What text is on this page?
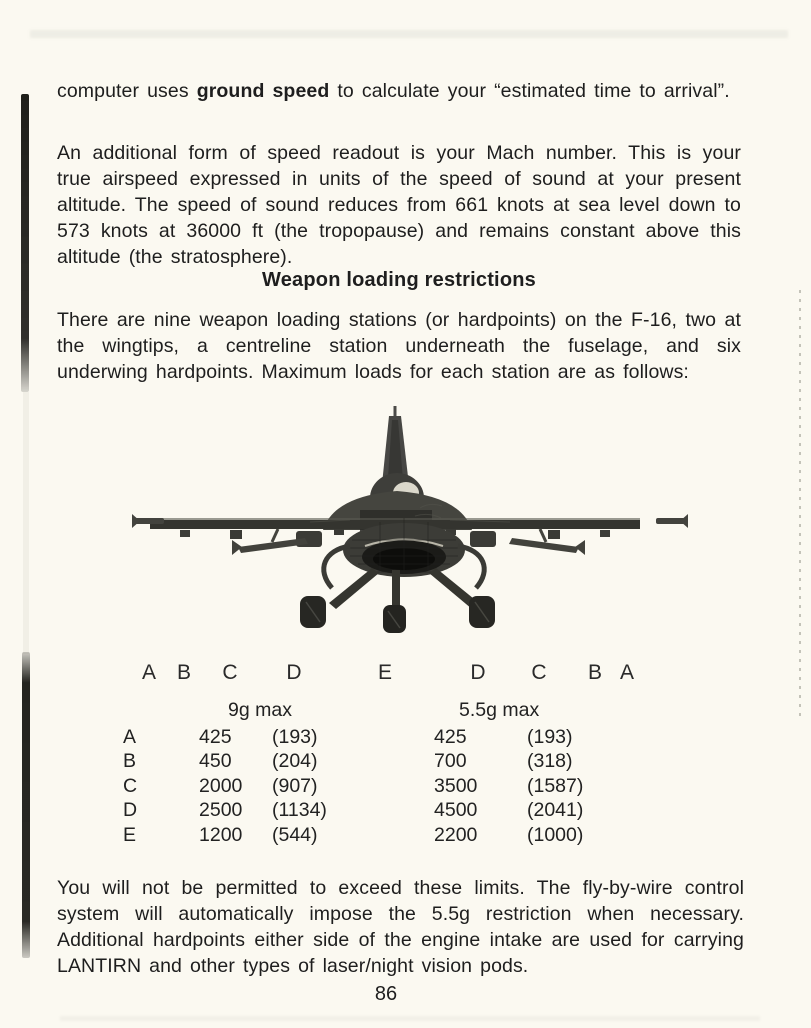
computer uses ground speed to calculate your “estimated time to arrival”.

An additional form of speed readout is your Mach number. This is your true airspeed expressed in units of the speed of sound at your present altitude. The speed of sound reduces from 661 knots at sea level down to 573 knots at 36000 ft (the tropopause) and remains constant above this altitude (the stratosphere).

Weapon loading restrictions

There are nine weapon loading stations (or hardpoints) on the F-16, two at the wingtips, a centreline station underneath the fuselage, and six underwing hardpoints. Maximum loads for each station are as follows:

A B C D	E	D C B A
9g max	5.5g max
A	425 (193)	425	(193)
B	450 (204)	700	(318)
C	2000 (907)	3500	(1587)
D	2500 (1134)	4500	(2041)
E	1200 (544)	2200	(1000)

You will not be permitted to exceed these limits. The fly-by-wire control system will automatically impose the 5.5g restriction when necessary. Additional hardpoints either side of the engine intake are used for carrying LANTIRN and other types of laser/night vision pods.

86
